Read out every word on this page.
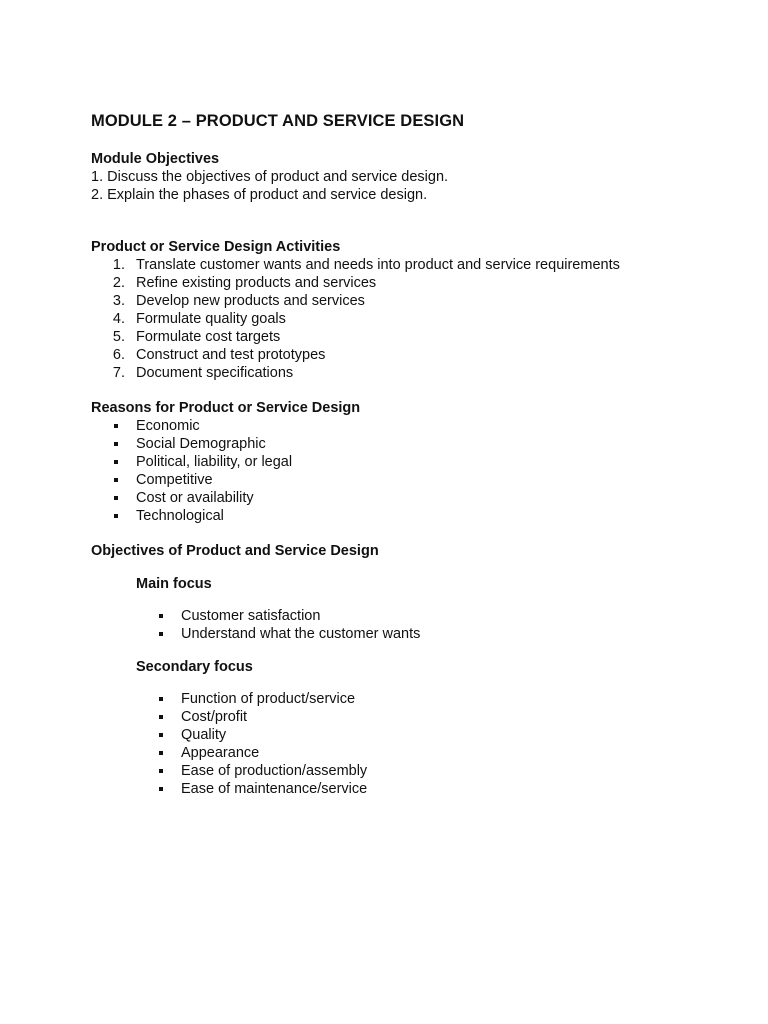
MODULE 2 – PRODUCT AND SERVICE DESIGN

Module Objectives

1. Discuss the objectives of product and service design.

2. Explain the phases of product and service design.

Product or Service Design Activities

1. Translate customer wants and needs into product and service requirements
2. Refine existing products and services
3. Develop new products and services
4. Formulate quality goals
5. Formulate cost targets
6. Construct and test prototypes
7. Document specifications

Reasons for Product or Service Design

Economic
Social Demographic
Political, liability, or legal
Competitive
Cost or availability
Technological

Objectives of Product and Service Design

Main focus

Customer satisfaction
Understand what the customer wants

Secondary focus

Function of product/service
Cost/profit
Quality
Appearance
Ease of production/assembly
Ease of maintenance/service
